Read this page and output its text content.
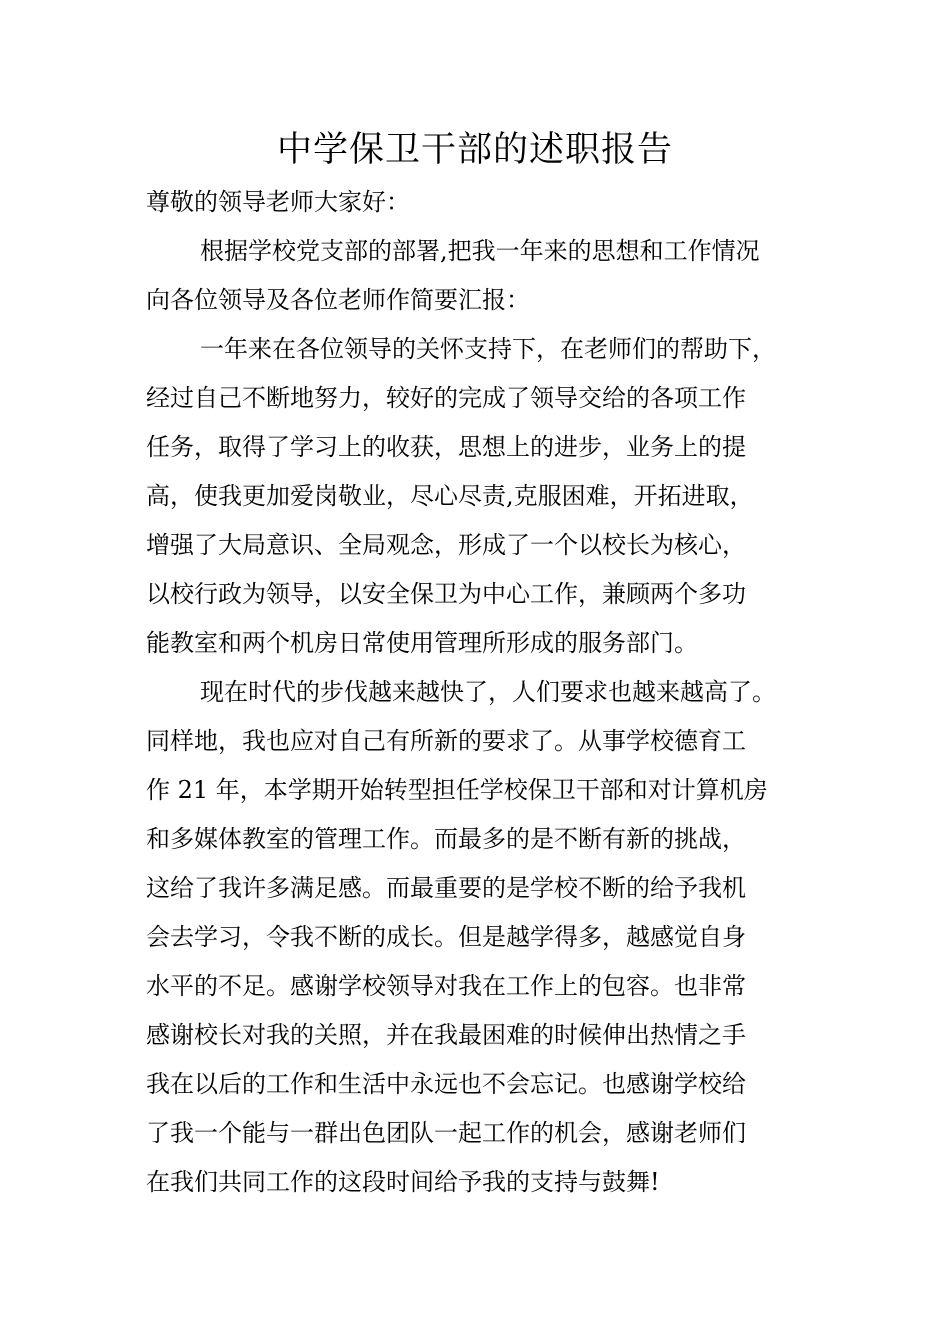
中学保卫干部的述职报告
尊敬的领导老师大家好：
根据学校党支部的部署,把我一年来的思想和工作情况
向各位领导及各位老师作简要汇报：
一年来在各位领导的关怀支持下，在老师们的帮助下，
经过自己不断地努力，较好的完成了领导交给的各项工作
任务，取得了学习上的收获，思想上的进步，业务上的提
高，使我更加爱岗敬业，尽心尽责,克服困难，开拓进取，
增强了大局意识、全局观念，形成了一个以校长为核心，
以校行政为领导，以安全保卫为中心工作，兼顾两个多功
能教室和两个机房日常使用管理所形成的服务部门。
现在时代的步伐越来越快了，人们要求也越来越高了。
同样地，我也应对自己有所新的要求了。从事学校德育工
作 21 年，本学期开始转型担任学校保卫干部和对计算机房
和多媒体教室的管理工作。而最多的是不断有新的挑战，
这给了我许多满足感。而最重要的是学校不断的给予我机
会去学习，令我不断的成长。但是越学得多，越感觉自身
水平的不足。感谢学校领导对我在工作上的包容。也非常
感谢校长对我的关照，并在我最困难的时候伸出热情之手
我在以后的工作和生活中永远也不会忘记。也感谢学校给
了我一个能与一群出色团队一起工作的机会，感谢老师们
在我们共同工作的这段时间给予我的支持与鼓舞!
